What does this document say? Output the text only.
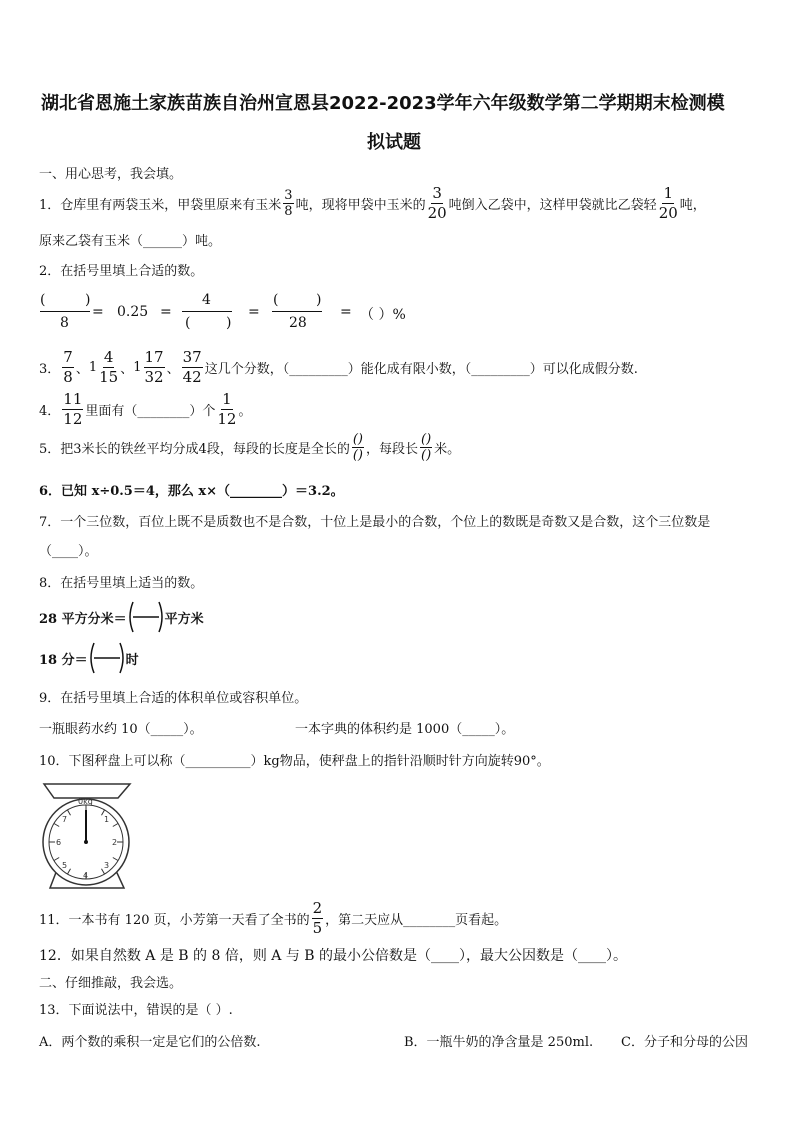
湖北省恩施土家族苗族自治州宣恩县2022-2023学年六年级数学第二学期期末检测模
拟试题
一、用心思考，我会填。
1．仓库里有两袋玉米，甲袋里原来有玉米 $\frac{3}{8}$ 吨，现将甲袋中玉米的 $\frac{3}{20}$ 吨倒入乙袋中，这样甲袋就比乙袋轻 $\frac{1}{20}$ 吨，
原来乙袋有玉米（______）吨。
2．在括号里填上合适的数。
(	)
8
= 0.25 =
4
(	)
=
(	)
28
= （ ）%
3． $\frac{7}{8}$ 、 $1 \frac{4}{15}$ 、 $1 \frac{17}{32}$ 、 $\frac{37}{42}$ 这几个分数，（_________）能化成有限小数，（_________）可以化成假分数.
4． $\frac{11}{12}$ 里面有（________）个 $\frac{1}{12}$ 。
5．把3米长的铁丝平均分成4段，每段的长度是全长的 $\frac{()}{()}$ ，每段长 $\frac{()}{()}$ 米。
6．已知 x÷0.5＝4，那么 x×（________）＝3.2。
7．一个三位数，百位上既不是质数也不是合数，十位上是最小的合数，个位上的数既是奇数又是合数，这个三位数是
（____）。
8．在括号里填上适当的数。
28 平方分米＝	平方米
18 分＝	时
9．在括号里填上合适的体积单位或容积单位。
一瓶眼药水约 10（_____）。	一本字典的体积约是 1000（_____）。
10．下图秤盘上可以称（__________）kg物品，使秤盘上的指针沿顺时针方向旋转90°。
0kg
1
2
3
4
5
6
7
11．一本书有 120 页，小芳第一天看了全书的 $\frac{2}{5}$ ，第二天应从________页看起。
12．如果自然数 A 是 B 的 8 倍，则 A 与 B 的最小公倍数是（____），最大公因数是（____）。
二、仔细推敲，我会选。
13．下面说法中，错误的是（ ）.
A．两个数的乘积一定是它们的公倍数.	B．一瓶牛奶的净含量是 250ml. C．分子和分母的公因
